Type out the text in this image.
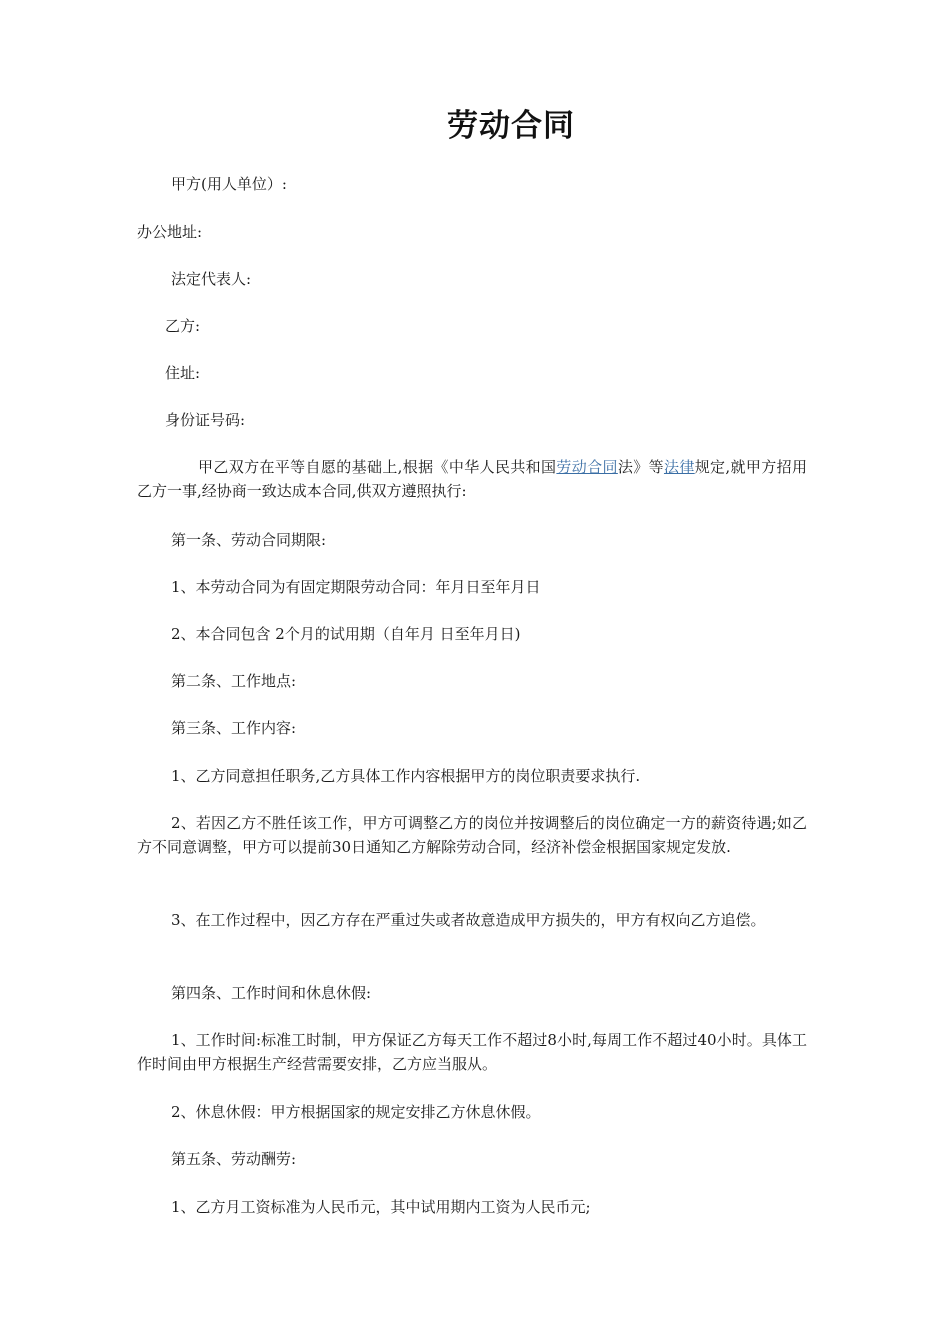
劳动合同
甲方(用人单位）:
办公地址:
法定代表人:
乙方:
住址:
身份证号码:
甲乙双方在平等自愿的基础上,根据《中华人民共和国劳动合同法》等法律规定,就甲方招用乙方一事,经协商一致达成本合同,供双方遵照执行:
第一条、劳动合同期限:
1、本劳动合同为有固定期限劳动合同：年月日至年月日
2、本合同包含 2个月的试用期（自年月 日至年月日)
第二条、工作地点:
第三条、工作内容:
1、乙方同意担任职务,乙方具体工作内容根据甲方的岗位职责要求执行.
2、若因乙方不胜任该工作，甲方可调整乙方的岗位并按调整后的岗位确定一方的薪资待遇;如乙方不同意调整，甲方可以提前30日通知乙方解除劳动合同，经济补偿金根据国家规定发放.
3、在工作过程中，因乙方存在严重过失或者故意造成甲方损失的，甲方有权向乙方追偿。
第四条、工作时间和休息休假:
1、工作时间:标准工时制，甲方保证乙方每天工作不超过8小时,每周工作不超过40小时。具体工作时间由甲方根据生产经营需要安排，乙方应当服从。
2、休息休假：甲方根据国家的规定安排乙方休息休假。
第五条、劳动酬劳:
1、乙方月工资标准为人民币元，其中试用期内工资为人民币元;
